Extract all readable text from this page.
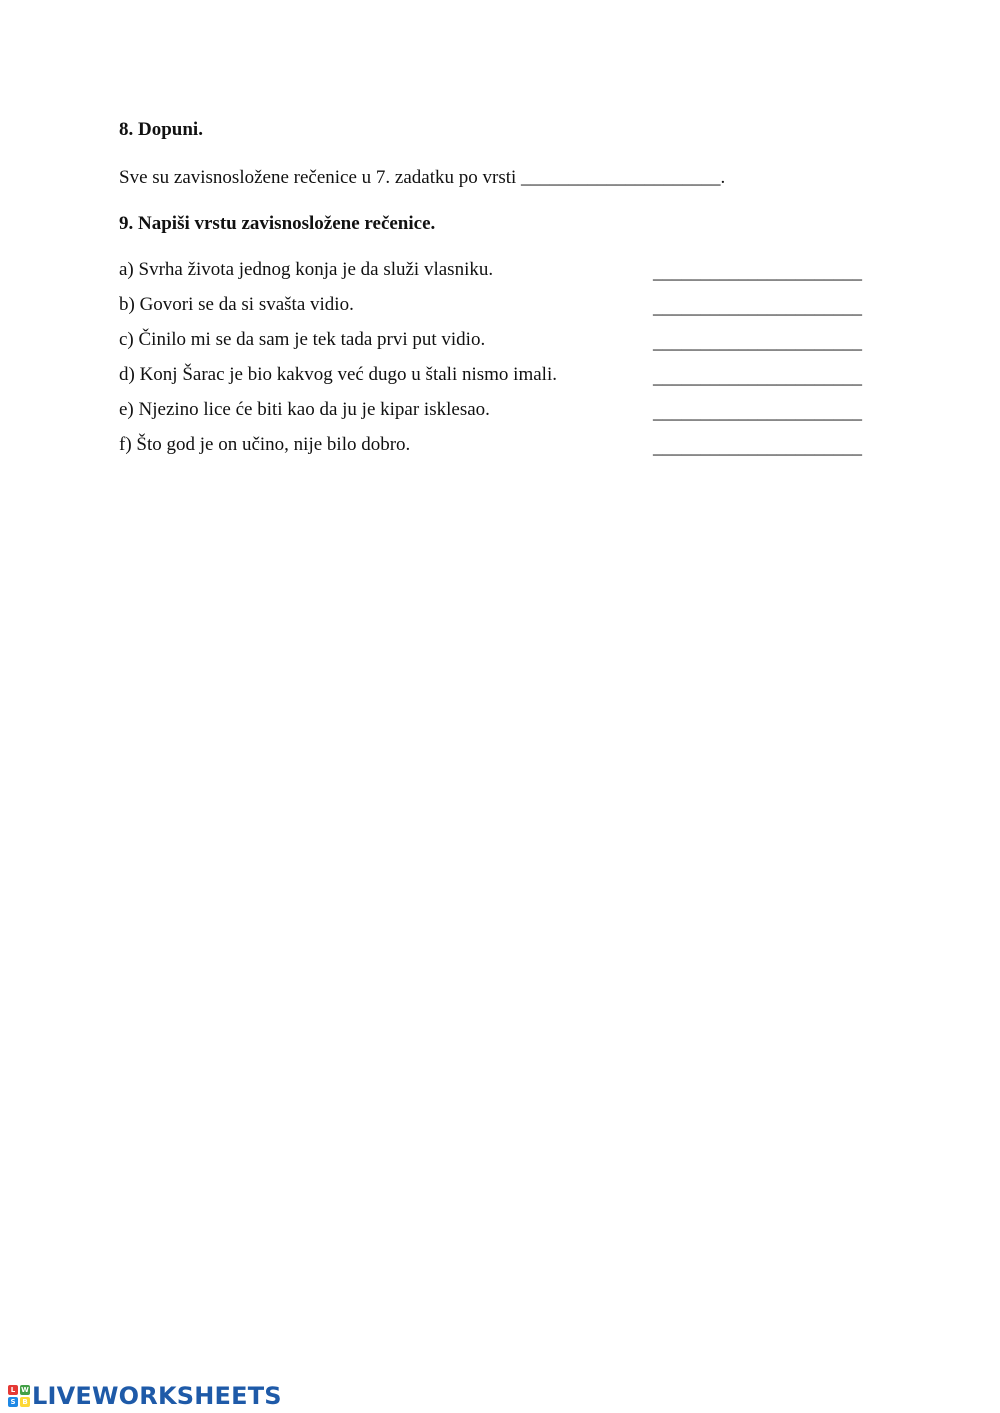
8. Dopuni.
Sve su zavisnosložene rečenice u 7. zadatku po vrsti _____________________.
9. Napiši vrstu zavisnosložene rečenice.
a) Svrha života jednog konja je da služi vlasniku.	______________________
b) Govori se da si svašta vidio.	______________________
c) Činilo mi se da sam je tek tada prvi put vidio.	______________________
d) Konj Šarac je bio kakvog već dugo u štali nismo imali.	______________________
e) Njezino lice će biti kao da ju je kipar isklesao.	______________________
f) Što god je on učino, nije bilo dobro.	______________________
L W
S B LIVEWORKSHEETS
